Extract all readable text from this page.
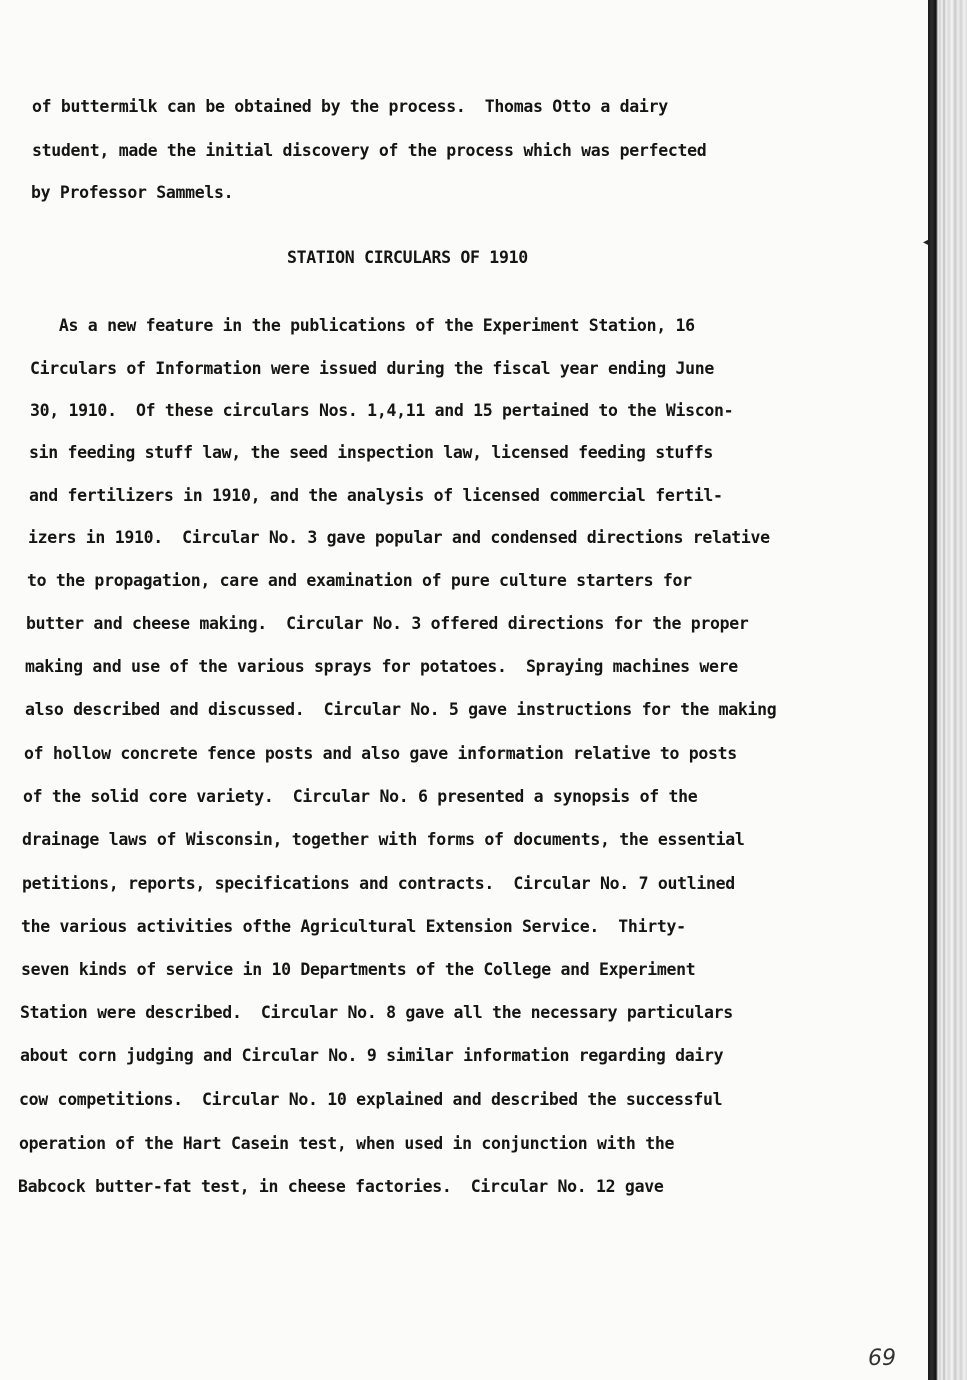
of buttermilk can be obtained by the process.  Thomas Otto a dairy
student, made the initial discovery of the process which was perfected
by Professor Sammels.
STATION CIRCULARS OF 1910
As a new feature in the publications of the Experiment Station, 16
Circulars of Information were issued during the fiscal year ending June
30, 1910.  Of these circulars Nos. 1,4,11 and 15 pertained to the Wiscon-
sin feeding stuff law, the seed inspection law, licensed feeding stuffs
and fertilizers in 1910, and the analysis of licensed commercial fertil-
izers in 1910.  Circular No. 3 gave popular and condensed directions relative
to the propagation, care and examination of pure culture starters for
butter and cheese making.  Circular No. 3 offered directions for the proper
making and use of the various sprays for potatoes.  Spraying machines were
also described and discussed.  Circular No. 5 gave instructions for the making
of hollow concrete fence posts and also gave information relative to posts
of the solid core variety.  Circular No. 6 presented a synopsis of the
drainage laws of Wisconsin, together with forms of documents, the essential
petitions, reports, specifications and contracts.  Circular No. 7 outlined
the various activities ofthe Agricultural Extension Service.  Thirty-
seven kinds of service in 10 Departments of the College and Experiment
Station were described.  Circular No. 8 gave all the necessary particulars
about corn judging and Circular No. 9 similar information regarding dairy
cow competitions.  Circular No. 10 explained and described the successful
operation of the Hart Casein test, when used in conjunction with the
Babcock butter-fat test, in cheese factories.  Circular No. 12 gave
69
◂
